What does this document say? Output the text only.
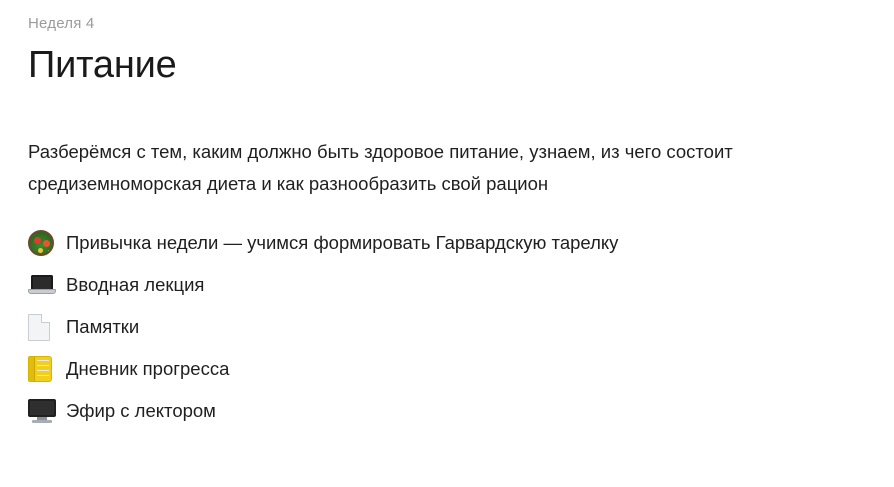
Неделя 4
Питание
Разберёмся с тем, каким должно быть здоровое питание, узнаем, из чего состоит
средиземноморская диета и как разнообразить свой рацион
Привычка недели — учимся формировать Гарвардскую тарелку
Вводная лекция
Памятки
Дневник прогресса
Эфир с лектором
